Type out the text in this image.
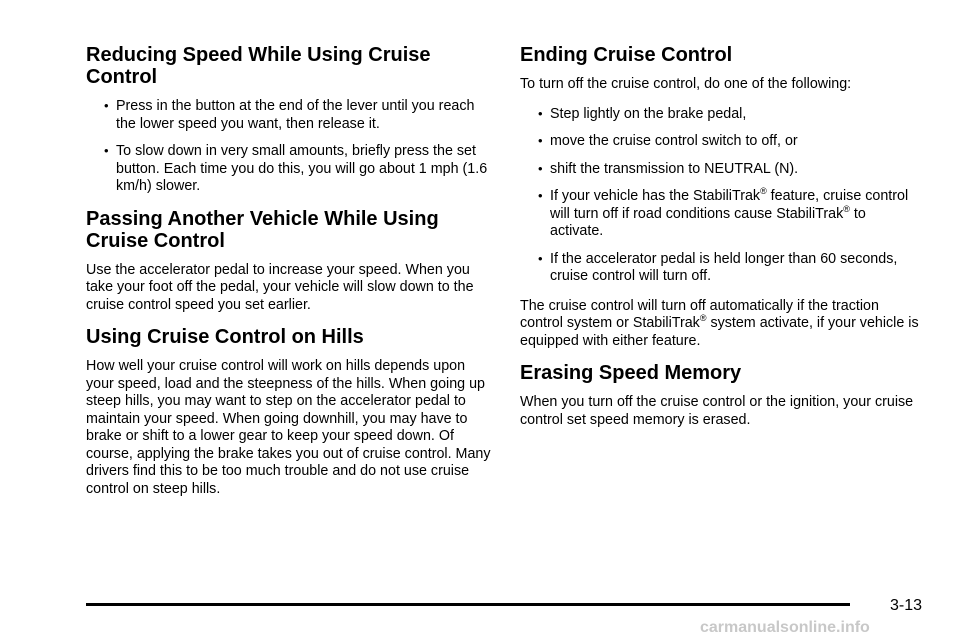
Reducing Speed While Using Cruise Control
• Press in the button at the end of the lever until you reach the lower speed you want, then release it.
• To slow down in very small amounts, briefly press the set button. Each time you do this, you will go about 1 mph (1.6 km/h) slower.
Passing Another Vehicle While Using Cruise Control

Use the accelerator pedal to increase your speed. When you take your foot off the pedal, your vehicle will slow down to the cruise control speed you set earlier.

Using Cruise Control on Hills

How well your cruise control will work on hills depends upon your speed, load and the steepness of the hills. When going up steep hills, you may want to step on the accelerator pedal to maintain your speed. When going downhill, you may have to brake or shift to a lower gear to keep your speed down. Of course, applying the brake takes you out of cruise control. Many drivers find this to be too much trouble and do not use cruise control on steep hills.

Ending Cruise Control

To turn off the cruise control, do one of the following:

• Step lightly on the brake pedal,
• move the cruise control switch to off, or
• shift the transmission to NEUTRAL (N).
• If your vehicle has the StabiliTrak® feature, cruise control will turn off if road conditions cause StabiliTrak® to activate.
• If the accelerator pedal is held longer than 60 seconds, cruise control will turn off.

The cruise control will turn off automatically if the traction control system or StabiliTrak® system activate, if your vehicle is equipped with either feature.

Erasing Speed Memory

When you turn off the cruise control or the ignition, your cruise control set speed memory is erased.

3-13
carmanualsonline.info
